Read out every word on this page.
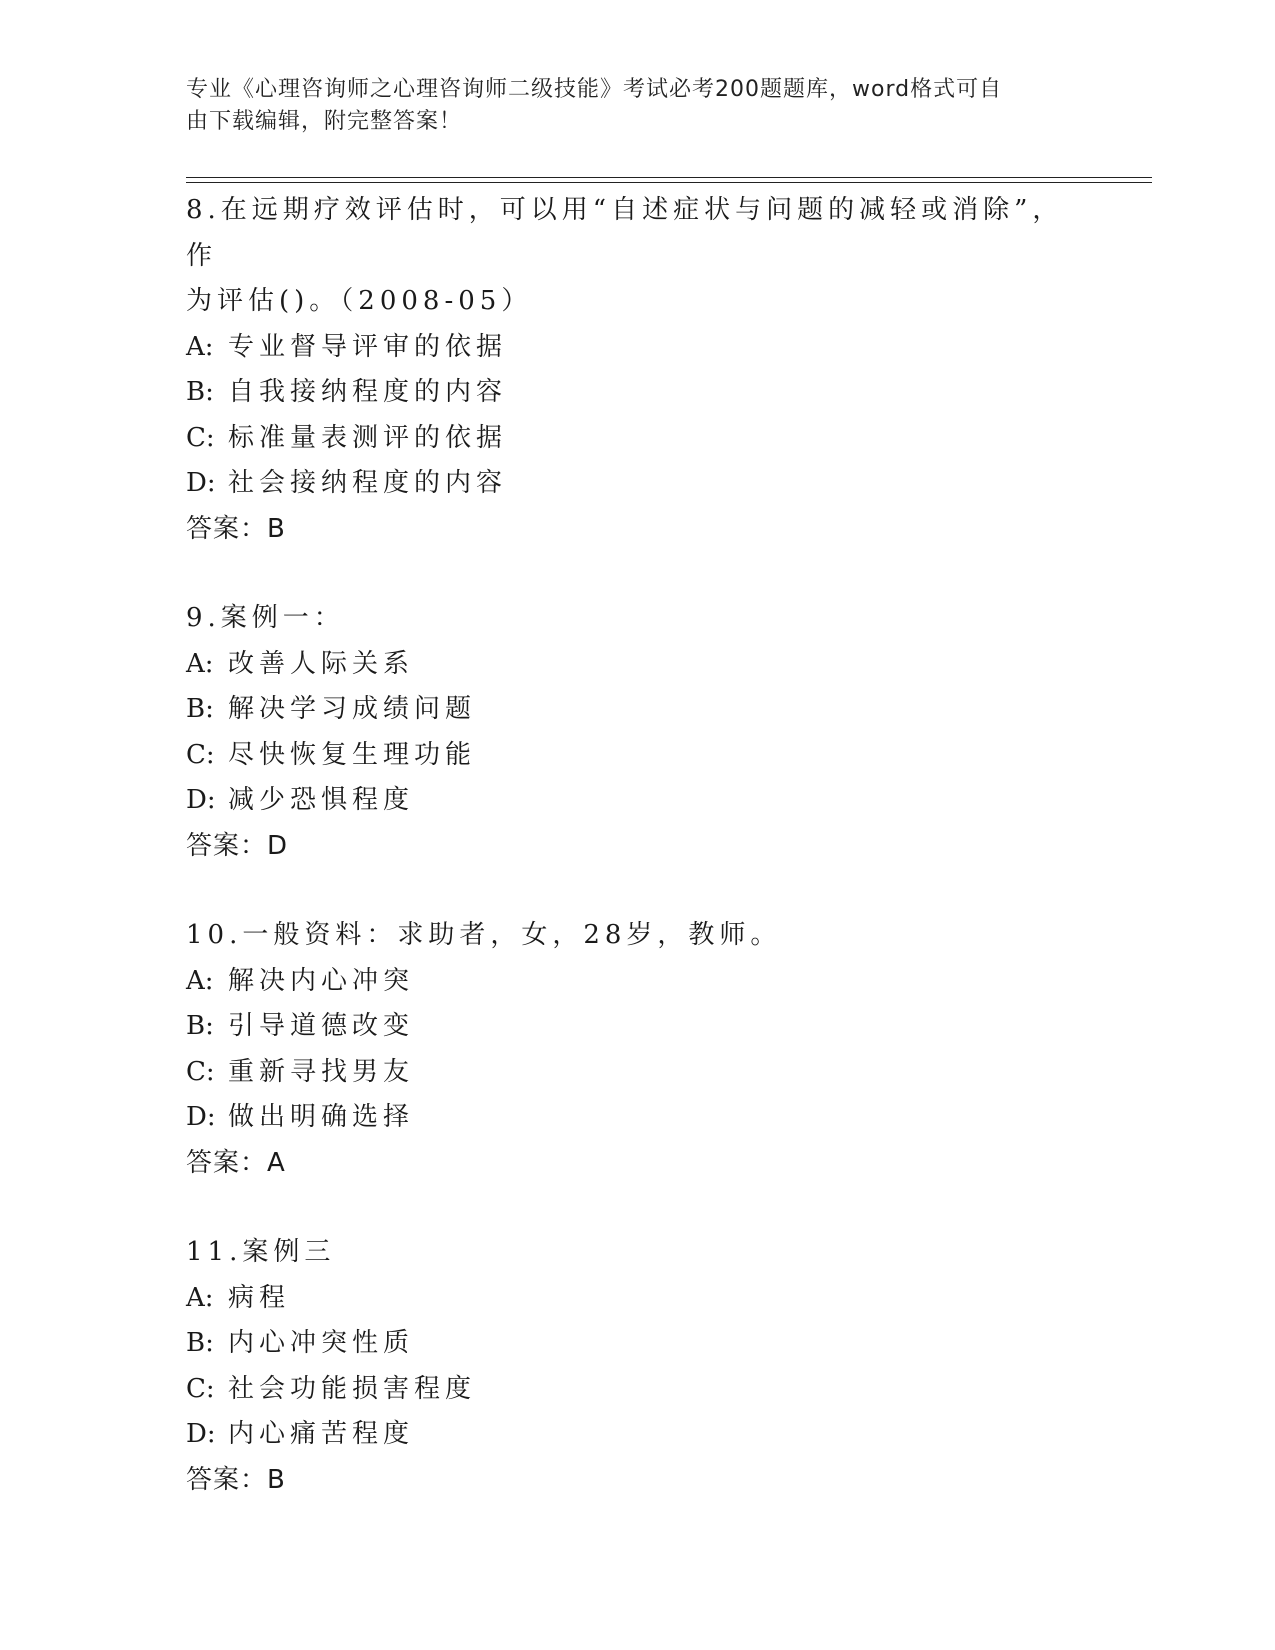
专业《心理咨询师之心理咨询师二级技能》考试必考200题题库，word格式可自
由下载编辑，附完整答案！
8.在远期疗效评估时，可以用“自述症状与问题的减轻或消除”，作
为评估()。（2008-05）
A: 专业督导评审的依据
B: 自我接纳程度的内容
C: 标准量表测评的依据
D: 社会接纳程度的内容
答案：B
9.案例一：
A: 改善人际关系
B: 解决学习成绩问题
C: 尽快恢复生理功能
D: 减少恐惧程度
答案：D
10.一般资料：求助者，女，28岁，教师。
A: 解决内心冲突
B: 引导道德改变
C: 重新寻找男友
D: 做出明确选择
答案：A
11.案例三
A: 病程
B: 内心冲突性质
C: 社会功能损害程度
D: 内心痛苦程度
答案：B
